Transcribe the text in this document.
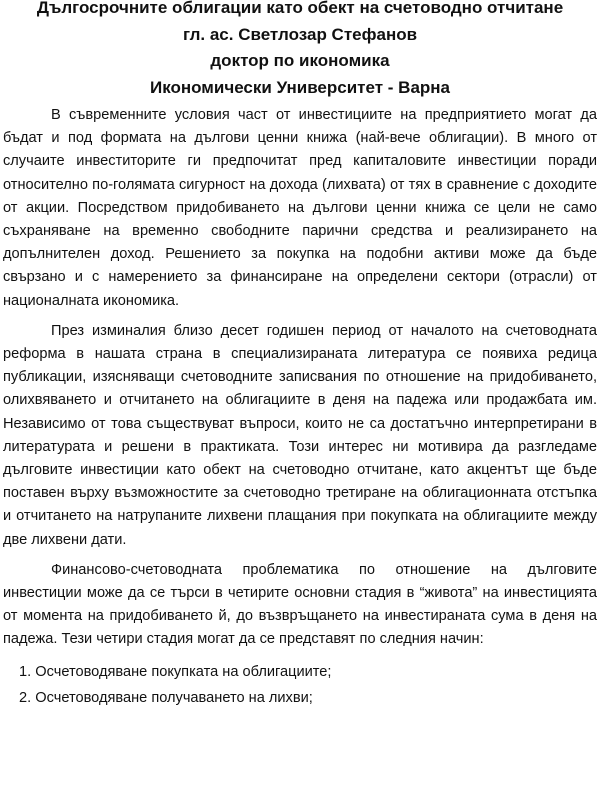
Дългосрочните облигации като обект на счетоводно отчитане
гл. ас. Светлозар Стефанов
доктор по икономика
Икономически Университет - Варна

В съвременните условия част от инвестициите на предприятието могат да бъдат и под формата на дългови ценни книжа (най-вече облигации). В много от случаите инвеститорите ги предпочитат пред капиталовите инвестиции поради относително по-голямата сигурност на дохода (лихвата) от тях в сравнение с доходите от акции. Посредством придобиването на дългови ценни книжа се цели не само съхраняване на временно свободните парични средства и реализирането на допълнителен доход. Решението за покупка на подобни активи може да бъде свързано и с намерението за финансиране на определени сектори (отрасли) от националната икономика.

През изминалия близо десет годишен период от началото на счетоводната реформа в нашата страна в специализираната литература се появиха редица публикации, изясняващи счетоводните записвания по отношение на придобиването, олихвяването и отчитането на облигациите в деня на падежа или продажбата им. Независимо от това съществуват въпроси, които не са достатъчно интерпретирани в литературата и решени в практиката. Този интерес ни мотивира да разгледаме дълговите инвестиции като обект на счетоводно отчитане, като акцентът ще бъде поставен върху възможностите за счетоводно третиране на облигационната отстъпка и отчитането на натрупаните лихвени плащания при покупката на облигациите между две лихвени дати.

Финансово-счетоводната проблематика по отношение на дълговите инвестиции може да се търси в четирите основни стадия в “живота” на инвестицията от момента на придобиването й, до възвръщането на инвестираната сума в деня на падежа. Тези четири стадия могат да се представят по следния начин:

1. Осчетоводяване покупката на облигациите;
2. Осчетоводяване получаването на лихви;
